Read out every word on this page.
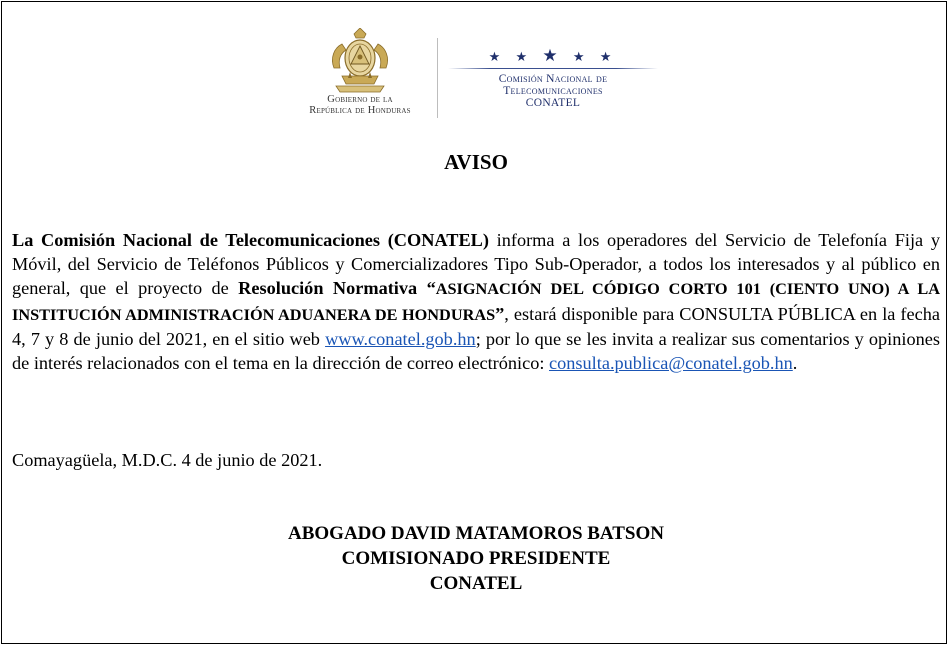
Gobierno de la
República de Honduras
★ ★ ★ ★ ★
Comisión Nacional de
Telecomunicaciones
CONATEL
AVISO
La Comisión Nacional de Telecomunicaciones (CONATEL) informa a los operadores del Servicio de Telefonía Fija y Móvil, del Servicio de Teléfonos Públicos y Comercializadores Tipo Sub-Operador, a todos los interesados y al público en general, que el proyecto de Resolución Normativa “ASIGNACIÓN DEL CÓDIGO CORTO 101 (CIENTO UNO) A LA INSTITUCIÓN ADMINISTRACIÓN ADUANERA DE HONDURAS”, estará disponible para CONSULTA PÚBLICA en la fecha 4, 7 y 8 de junio del 2021, en el sitio web www.conatel.gob.hn; por lo que se les invita a realizar sus comentarios y opiniones de interés relacionados con el tema en la dirección de correo electrónico: consulta.publica@conatel.gob.hn.
Comayagüela, M.D.C. 4 de junio de 2021.
ABOGADO DAVID MATAMOROS BATSON
COMISIONADO PRESIDENTE
CONATEL
